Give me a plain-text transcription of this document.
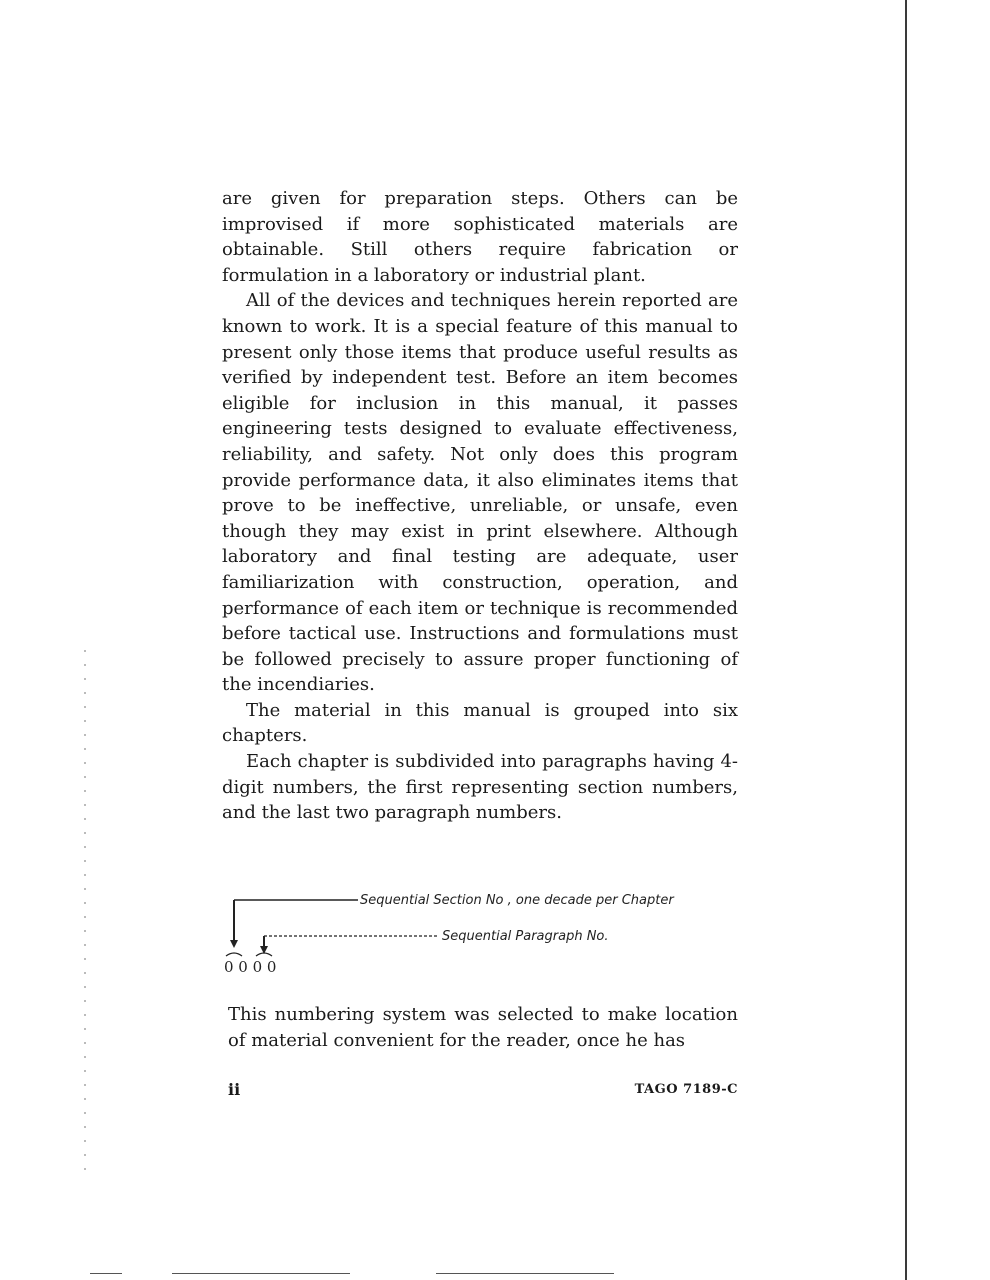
are given for preparation steps. Others can be improvised if more sophisticated materials are obtainable. Still others require fabrication or formulation in a laboratory or industrial plant.

All of the devices and techniques herein reported are known to work. It is a special feature of this manual to present only those items that produce useful results as verified by independent test. Before an item becomes eligible for inclusion in this manual, it passes engineering tests designed to evaluate effectiveness, reliability, and safety. Not only does this program provide performance data, it also eliminates items that prove to be ineffective, unreliable, or unsafe, even though they may exist in print elsewhere. Although laboratory and final testing are adequate, user familiarization with construction, operation, and performance of each item or technique is recommended before tactical use. Instructions and formulations must be followed precisely to assure proper functioning of the incendiaries.

The material in this manual is grouped into six chapters.

Each chapter is subdivided into paragraphs having 4-digit numbers, the first representing section numbers, and the last two paragraph numbers.

Sequential Section No , one decade per Chapter
Sequential Paragraph No.
0 0 0 0

This numbering system was selected to make location of material convenient for the reader, once he has

ii	TAGO 7189-C
